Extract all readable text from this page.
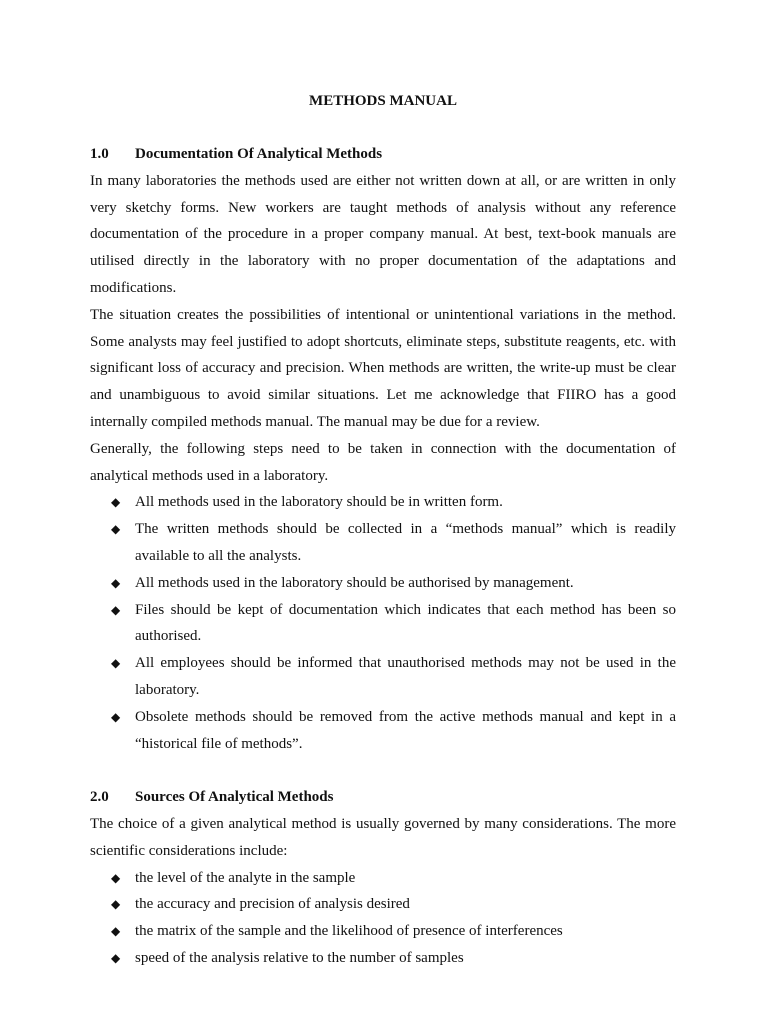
METHODS MANUAL
1.0	Documentation Of Analytical Methods

In many laboratories the methods used are either not written down at all, or are written in only very sketchy forms. New workers are taught methods of analysis without any reference documentation of the procedure in a proper company manual. At best, text-book manuals are utilised directly in the laboratory with no proper documentation of the adaptations and modifications.

The situation creates the possibilities of intentional or unintentional variations in the method. Some analysts may feel justified to adopt shortcuts, eliminate steps, substitute reagents, etc. with significant loss of accuracy and precision. When methods are written, the write-up must be clear and unambiguous to avoid similar situations. Let me acknowledge that FIIRO has a good internally compiled methods manual. The manual may be due for a review.

Generally, the following steps need to be taken in connection with the documentation of analytical methods used in a laboratory.

◆ All methods used in the laboratory should be in written form.
◆ The written methods should be collected in a “methods manual” which is readily available to all the analysts.
◆ All methods used in the laboratory should be authorised by management.
◆ Files should be kept of documentation which indicates that each method has been so authorised.
◆ All employees should be informed that unauthorised methods may not be used in the laboratory.
◆ Obsolete methods should be removed from the active methods manual and kept in a “historical file of methods”.
2.0	Sources Of Analytical Methods

The choice of a given analytical method is usually governed by many considerations. The more scientific considerations include:

◆ the level of the analyte in the sample
◆ the accuracy and precision of analysis desired
◆ the matrix of the sample and the likelihood of presence of interferences
◆ speed of the analysis relative to the number of samples
